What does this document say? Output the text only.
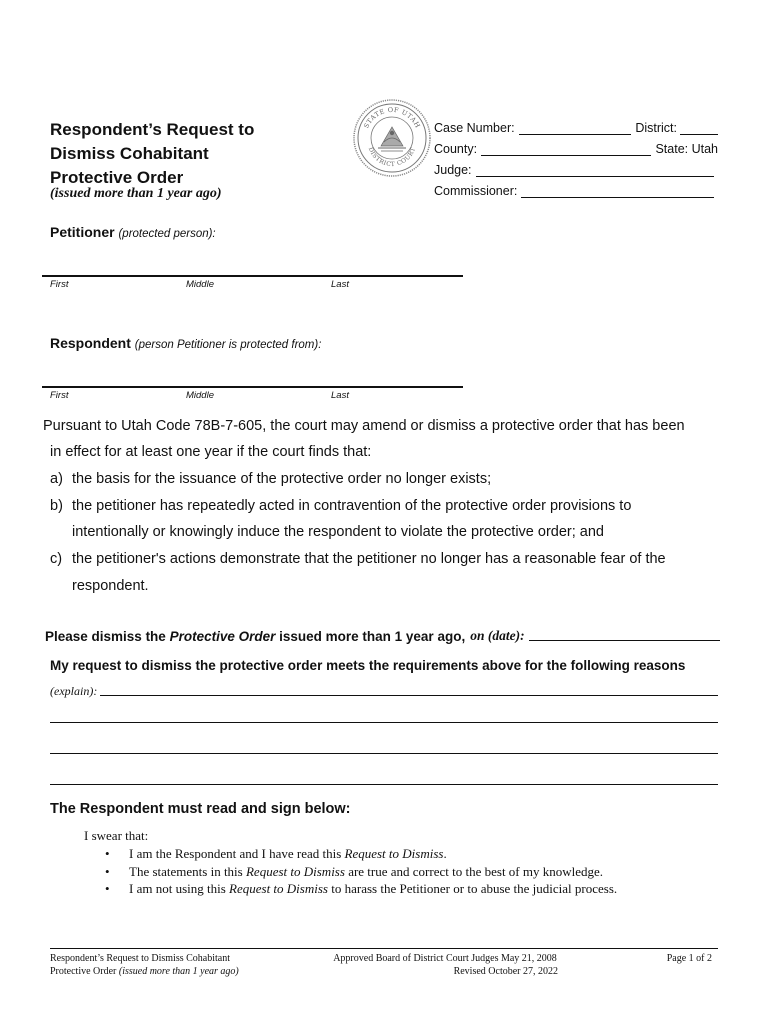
Respondent’s Request to
Dismiss Cohabitant
Protective Order
(issued more than 1 year ago)
STATE OF UTAH
DISTRICT COURT
Case Number:	District:
County:	State: Utah
Judge:
Commissioner:
Petitioner (protected person):
First	Middle	Last
Respondent (person Petitioner is protected from):
First	Middle	Last
Pursuant to Utah Code 78B-7-605, the court may amend or dismiss a protective order that has been
in effect for at least one year if the court finds that:
a) the basis for the issuance of the protective order no longer exists;
b) the petitioner has repeatedly acted in contravention of the protective order provisions to
intentionally or knowingly induce the respondent to violate the protective order; and
c) the petitioner's actions demonstrate that the petitioner no longer has a reasonable fear of the
respondent.
Please dismiss the Protective Order issued more than 1 year ago, on (date):
My request to dismiss the protective order meets the requirements above for the following reasons
(explain):
The Respondent must read and sign below:
I swear that:
• I am the Respondent and I have read this Request to Dismiss.
• The statements in this Request to Dismiss are true and correct to the best of my knowledge.
• I am not using this Request to Dismiss to harass the Petitioner or to abuse the judicial process.
Respondent’s Request to Dismiss Cohabitant
Protective Order (issued more than 1 year ago)
Approved Board of District Court Judges May 21, 2008
Revised October 27, 2022
Page 1 of 2
